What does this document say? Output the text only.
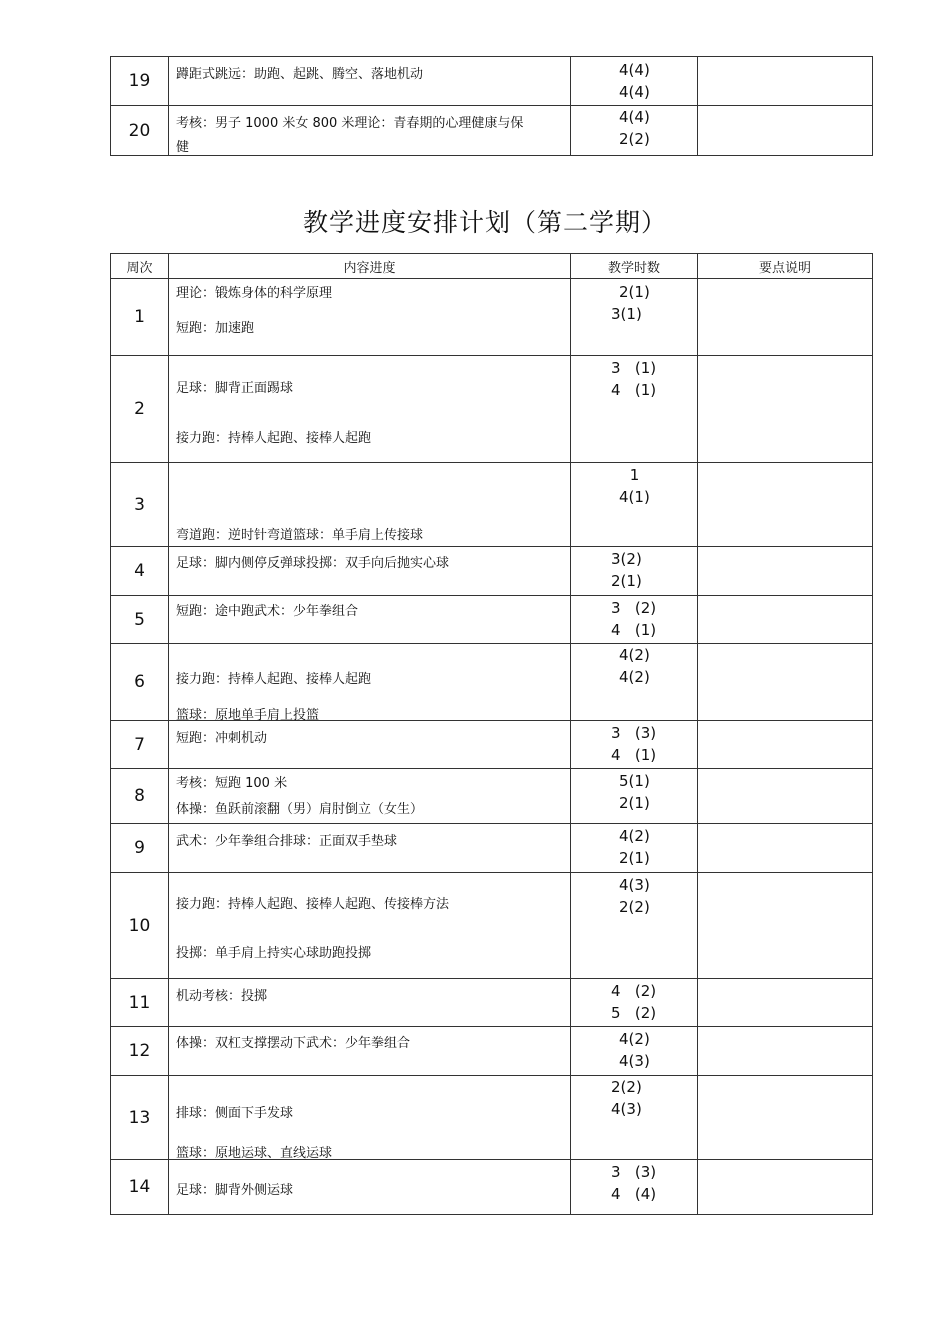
19	蹲距式跳远：助跑、起跳、腾空、落地机动	4(4)
4(4)	

20	考核：男子 1000 米女 800 米理论：青春期的心理健康与保
健	4(4)
2(2)	

教学进度安排计划（第二学期）
周次	内容进度	教学时数	要点说明
1	理论：锻炼身体的科学原理
短跑：加速跑	2(1)
3(1)	

2	足球：脚背正面踢球
接力跑：持棒人起跑、接棒人起跑	3   (1)
4   (1)	

3	弯道跑：逆时针弯道篮球：单手肩上传接球	1
4(1)	

4	足球：脚内侧停反弹球投掷：双手向后抛实心球	3(2)
2(1)	

5	短跑：途中跑武术：少年拳组合	3   (2)
4   (1)	

6	接力跑：持棒人起跑、接棒人起跑
篮球：原地单手肩上投篮	4(2)
4(2)	

7	短跑：冲刺机动	3   (3)
4   (1)	

8	考核：短跑 100 米
体操：鱼跃前滚翻（男）肩肘倒立（女生）	5(1)
2(1)	

9	武术：少年拳组合排球：正面双手垫球	4(2)
2(1)	

10	接力跑：持棒人起跑、接棒人起跑、传接棒方法
投掷：单手肩上持实心球助跑投掷	4(3)
2(2)	

11	机动考核：投掷	4   (2)
5   (2)	

12	体操：双杠支撑摆动下武术：少年拳组合	4(2)
4(3)	

13	排球：侧面下手发球
篮球：原地运球、直线运球	2(2)
4(3)	

14	足球：脚背外侧运球	3   (3)
4   (4)	
